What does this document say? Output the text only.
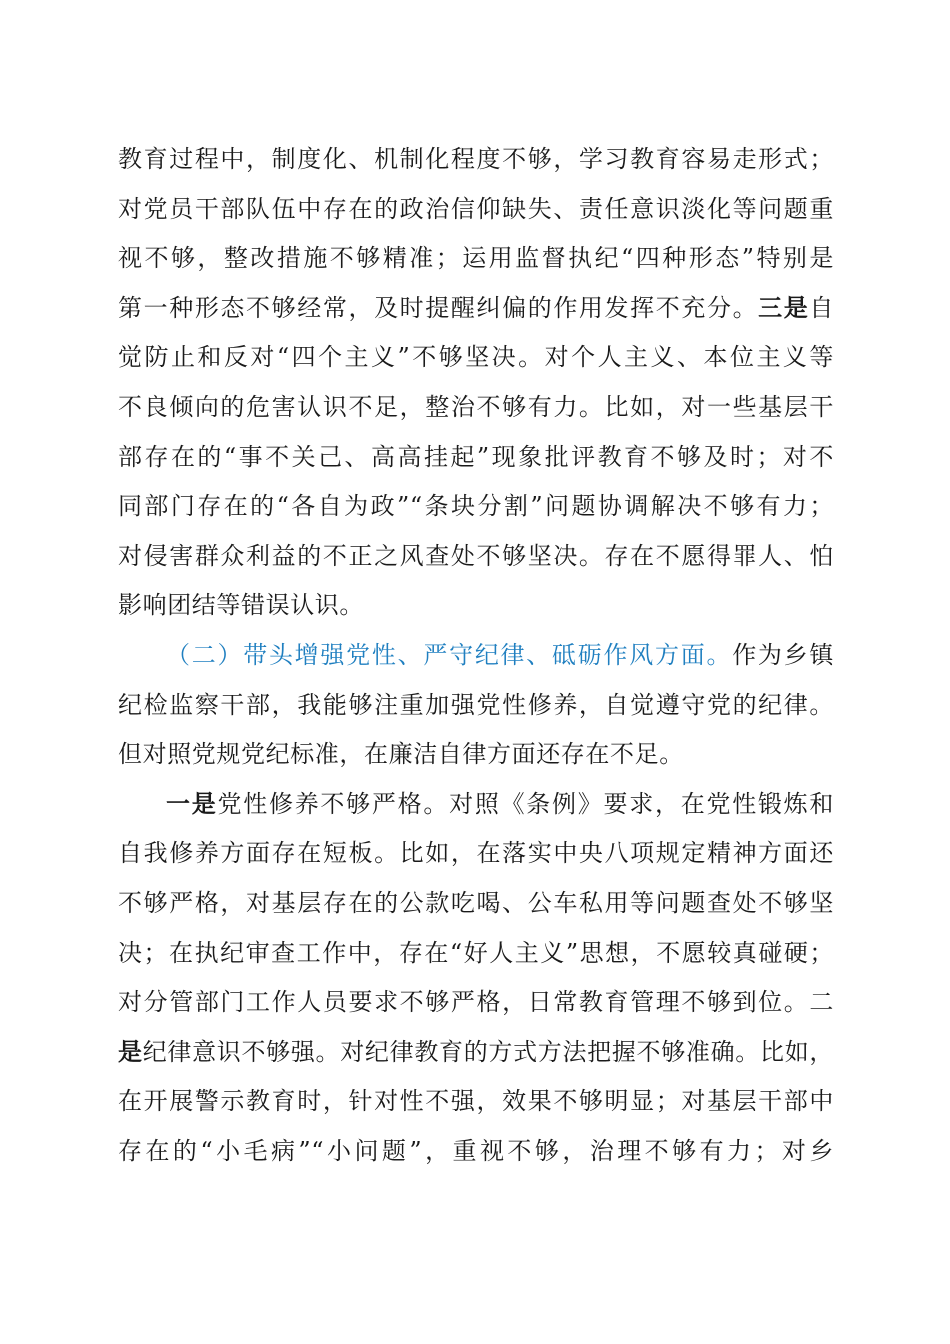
教育过程中，制度化、机制化程度不够，学习教育容易走形式；
对党员干部队伍中存在的政治信仰缺失、责任意识淡化等问题重
视不够，整改措施不够精准；运用监督执纪“四种形态”特别是
第一种形态不够经常，及时提醒纠偏的作用发挥不充分。三是自
觉防止和反对“四个主义”不够坚决。对个人主义、本位主义等
不良倾向的危害认识不足，整治不够有力。比如，对一些基层干
部存在的“事不关己、高高挂起”现象批评教育不够及时；对不
同部门存在的“各自为政”“条块分割”问题协调解决不够有力；
对侵害群众利益的不正之风查处不够坚决。存在不愿得罪人、怕
影响团结等错误认识。
（二）带头增强党性、严守纪律、砥砺作风方面。作为乡镇
纪检监察干部，我能够注重加强党性修养，自觉遵守党的纪律。
但对照党规党纪标准，在廉洁自律方面还存在不足。
一是党性修养不够严格。对照《条例》要求，在党性锻炼和
自我修养方面存在短板。比如，在落实中央八项规定精神方面还
不够严格，对基层存在的公款吃喝、公车私用等问题查处不够坚
决；在执纪审查工作中，存在“好人主义”思想，不愿较真碰硬；
对分管部门工作人员要求不够严格，日常教育管理不够到位。二
是纪律意识不够强。对纪律教育的方式方法把握不够准确。比如，
在开展警示教育时，针对性不强，效果不够明显；对基层干部中
存在的“小毛病”“小问题”，重视不够，治理不够有力；对乡
